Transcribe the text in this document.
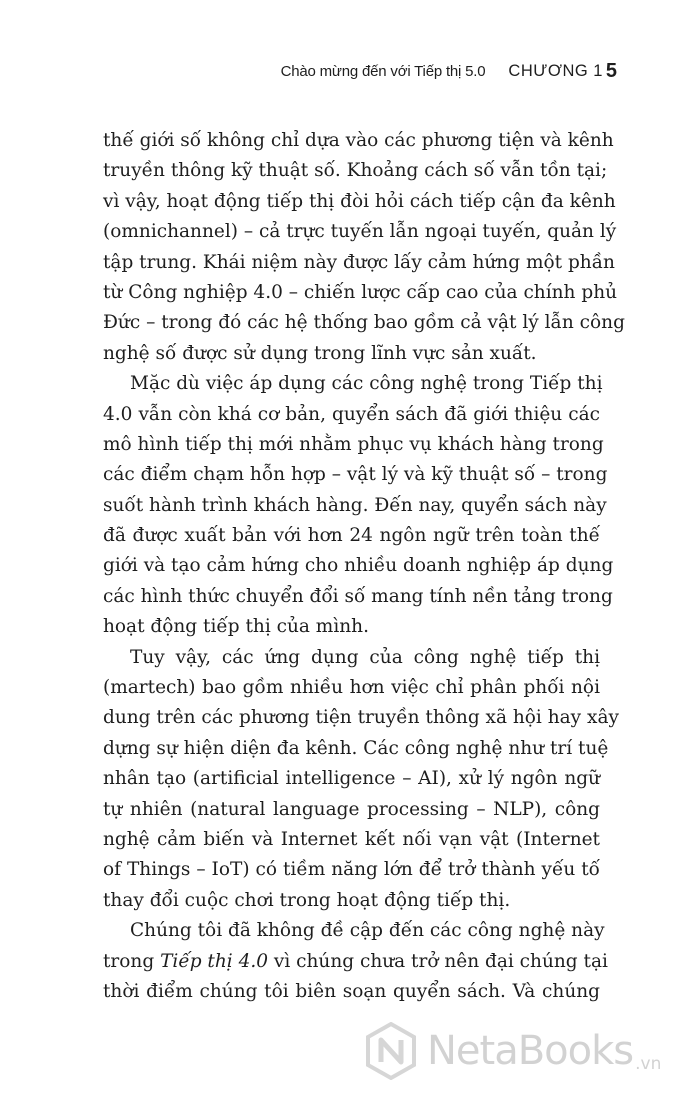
Chào mừng đến với Tiếp thị 5.0 CHƯƠNG 1 5
thế giới số không chỉ dựa vào các phương tiện và kênh
truyền thông kỹ thuật số. Khoảng cách số vẫn tồn tại;
vì vậy, hoạt động tiếp thị đòi hỏi cách tiếp cận đa kênh
(omnichannel) – cả trực tuyến lẫn ngoại tuyến, quản lý
tập trung. Khái niệm này được lấy cảm hứng một phần
từ Công nghiệp 4.0 – chiến lược cấp cao của chính phủ
Đức – trong đó các hệ thống bao gồm cả vật lý lẫn công
nghệ số được sử dụng trong lĩnh vực sản xuất.
Mặc dù việc áp dụng các công nghệ trong Tiếp thị
4.0 vẫn còn khá cơ bản, quyển sách đã giới thiệu các
mô hình tiếp thị mới nhằm phục vụ khách hàng trong
các điểm chạm hỗn hợp – vật lý và kỹ thuật số – trong
suốt hành trình khách hàng. Đến nay, quyển sách này
đã được xuất bản với hơn 24 ngôn ngữ trên toàn thế
giới và tạo cảm hứng cho nhiều doanh nghiệp áp dụng
các hình thức chuyển đổi số mang tính nền tảng trong
hoạt động tiếp thị của mình.
Tuy vậy, các ứng dụng của công nghệ tiếp thị
(martech) bao gồm nhiều hơn việc chỉ phân phối nội
dung trên các phương tiện truyền thông xã hội hay xây
dựng sự hiện diện đa kênh. Các công nghệ như trí tuệ
nhân tạo (artificial intelligence – AI), xử lý ngôn ngữ
tự nhiên (natural language processing – NLP), công
nghệ cảm biến và Internet kết nối vạn vật (Internet
of Things – IoT) có tiềm năng lớn để trở thành yếu tố
thay đổi cuộc chơi trong hoạt động tiếp thị.
Chúng tôi đã không đề cập đến các công nghệ này
trong Tiếp thị 4.0 vì chúng chưa trở nên đại chúng tại
thời điểm chúng tôi biên soạn quyển sách. Và chúng
NetaBooks .vn
